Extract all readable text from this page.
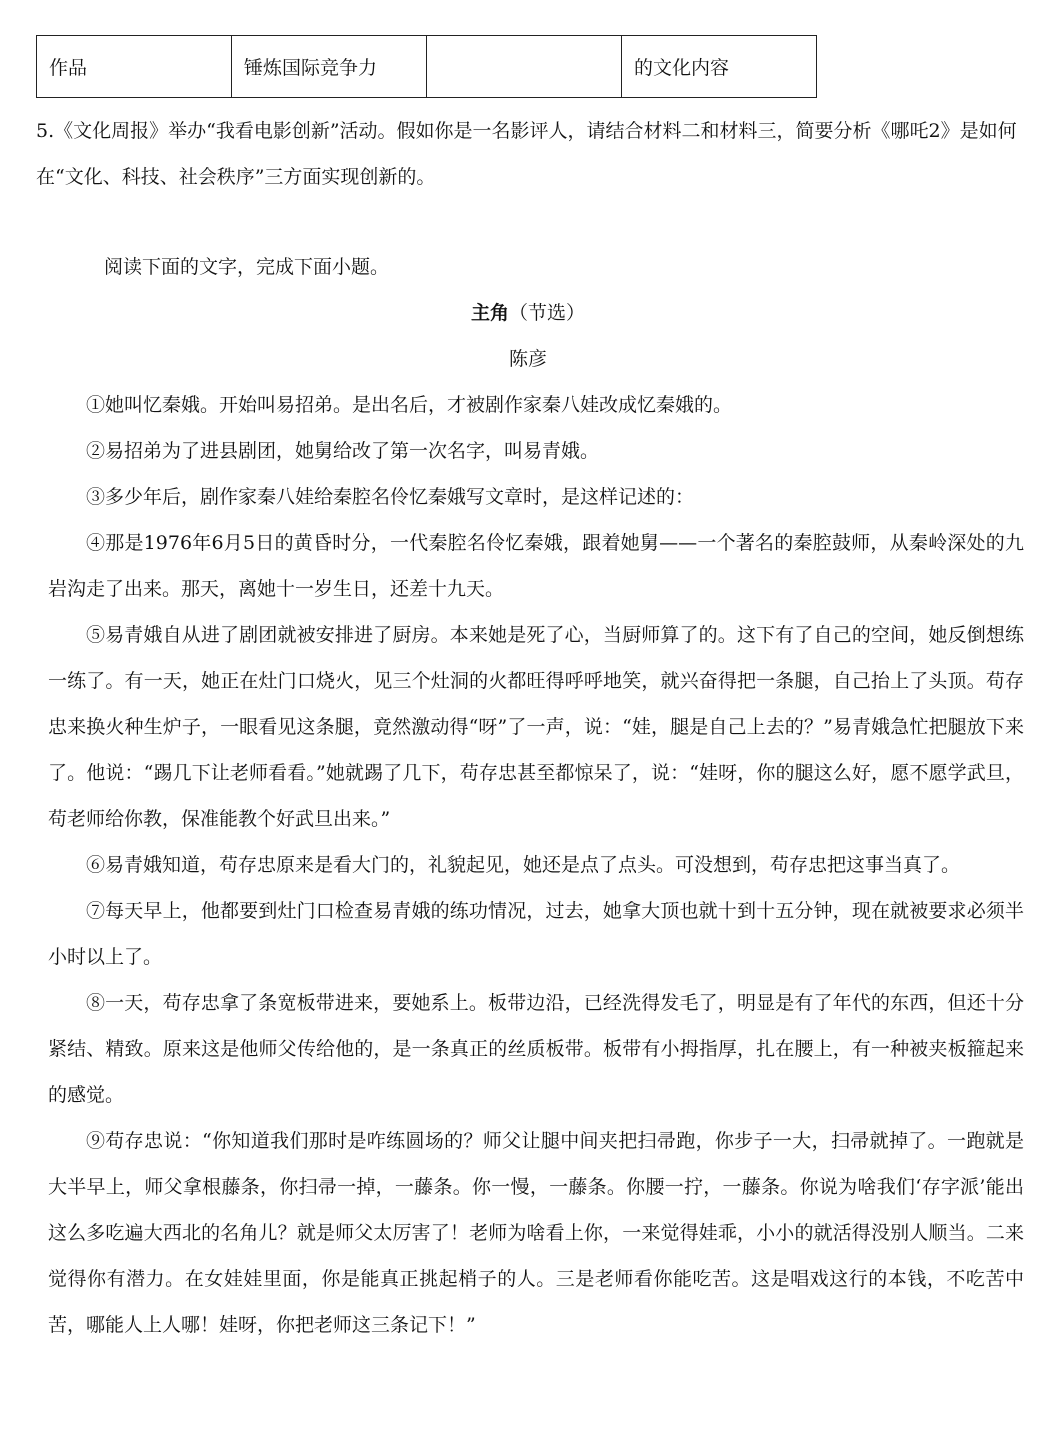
作品	锤炼国际竞争力		的文化内容

5.《文化周报》举办“我看电影创新”活动。假如你是一名影评人，请结合材料二和材料三，简要分析《哪吒2》是如何在“文化、科技、社会秩序”三方面实现创新的。

阅读下面的文字，完成下面小题。

主角（节选）

陈彦

①她叫忆秦娥。开始叫易招弟。是出名后，才被剧作家秦八娃改成忆秦娥的。

②易招弟为了进县剧团，她舅给改了第一次名字，叫易青娥。

③多少年后，剧作家秦八娃给秦腔名伶忆秦娥写文章时，是这样记述的：

④那是1976年6月5日的黄昏时分，一代秦腔名伶忆秦娥，跟着她舅——一个著名的秦腔鼓师，从秦岭深处的九岩沟走了出来。那天，离她十一岁生日，还差十九天。

⑤易青娥自从进了剧团就被安排进了厨房。本来她是死了心，当厨师算了的。这下有了自己的空间，她反倒想练一练了。有一天，她正在灶门口烧火，见三个灶洞的火都旺得呼呼地笑，就兴奋得把一条腿，自己抬上了头顶。苟存忠来换火种生炉子，一眼看见这条腿，竟然激动得“呀”了一声，说：“娃，腿是自己上去的？”易青娥急忙把腿放下来了。他说：“踢几下让老师看看。”她就踢了几下，苟存忠甚至都惊呆了，说：“娃呀，你的腿这么好，愿不愿学武旦，苟老师给你教，保准能教个好武旦出来。”

⑥易青娥知道，苟存忠原来是看大门的，礼貌起见，她还是点了点头。可没想到，苟存忠把这事当真了。

⑦每天早上，他都要到灶门口检查易青娥的练功情况，过去，她拿大顶也就十到十五分钟，现在就被要求必须半小时以上了。

⑧一天，苟存忠拿了条宽板带进来，要她系上。板带边沿，已经洗得发毛了，明显是有了年代的东西，但还十分紧结、精致。原来这是他师父传给他的，是一条真正的丝质板带。板带有小拇指厚，扎在腰上，有一种被夹板箍起来的感觉。

⑨苟存忠说：“你知道我们那时是咋练圆场的？师父让腿中间夹把扫帚跑，你步子一大，扫帚就掉了。一跑就是大半早上，师父拿根藤条，你扫帚一掉，一藤条。你一慢，一藤条。你腰一拧，一藤条。你说为啥我们‘存字派’能出这么多吃遍大西北的名角儿？就是师父太厉害了！老师为啥看上你，一来觉得娃乖，小小的就活得没别人顺当。二来觉得你有潜力。在女娃娃里面，你是能真正挑起梢子的人。三是老师看你能吃苦。这是唱戏这行的本钱，不吃苦中苦，哪能人上人哪！娃呀，你把老师这三条记下！”
